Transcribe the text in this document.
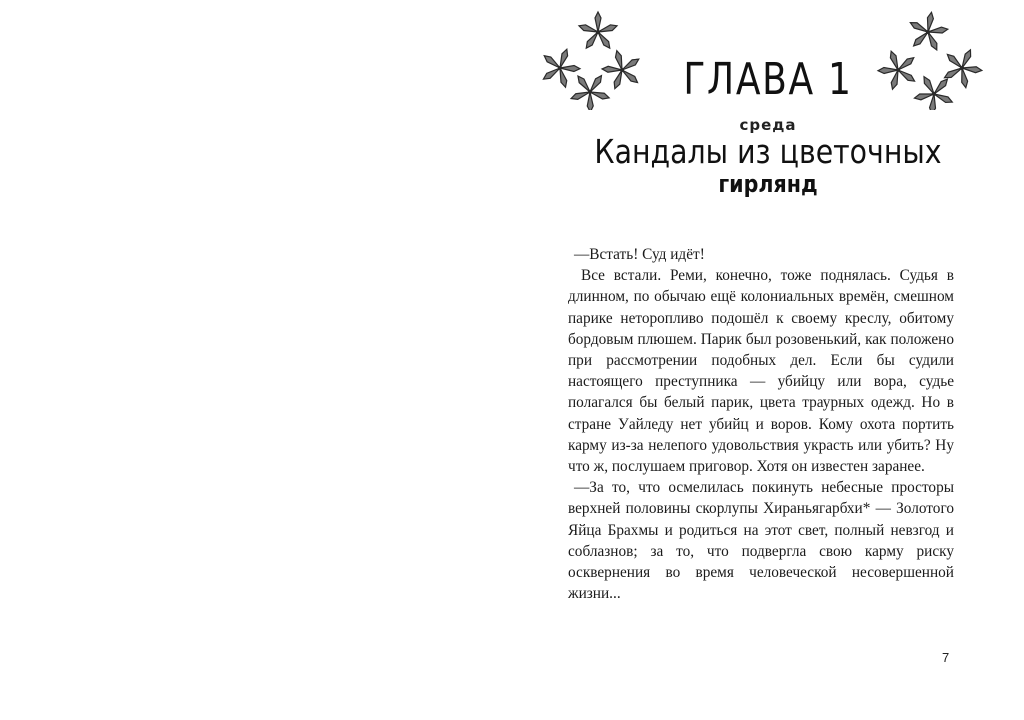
ГЛАВА 1
среда
Кандалы из цветочных
гирлянд

—Встать! Суд идёт!

Все встали. Реми, конечно, тоже поднялась. Судья в длинном, по обычаю ещё колониальных времён, смешном парике неторопливо подошёл к своему креслу, обитому бордовым плюшем. Парик был розовенький, как положено при рассмотрении подобных дел. Если бы судили настоящего преступника — убийцу или вора, судье полагался бы белый парик, цвета траурных одежд. Но в стране Уайледу нет убийц и воров. Кому охота портить карму из-за нелепого удовольствия украсть или убить? Ну что ж, послушаем приговор. Хотя он известен заранее.

—За то, что осмелилась покинуть небесные просторы верхней половины скорлупы Хираньягарбхи* — Золотого Яйца Брахмы и родиться на этот свет, полный невзгод и соблазнов; за то, что подвергла свою карму риску осквернения во время человеческой несовершенной жизни...

7
